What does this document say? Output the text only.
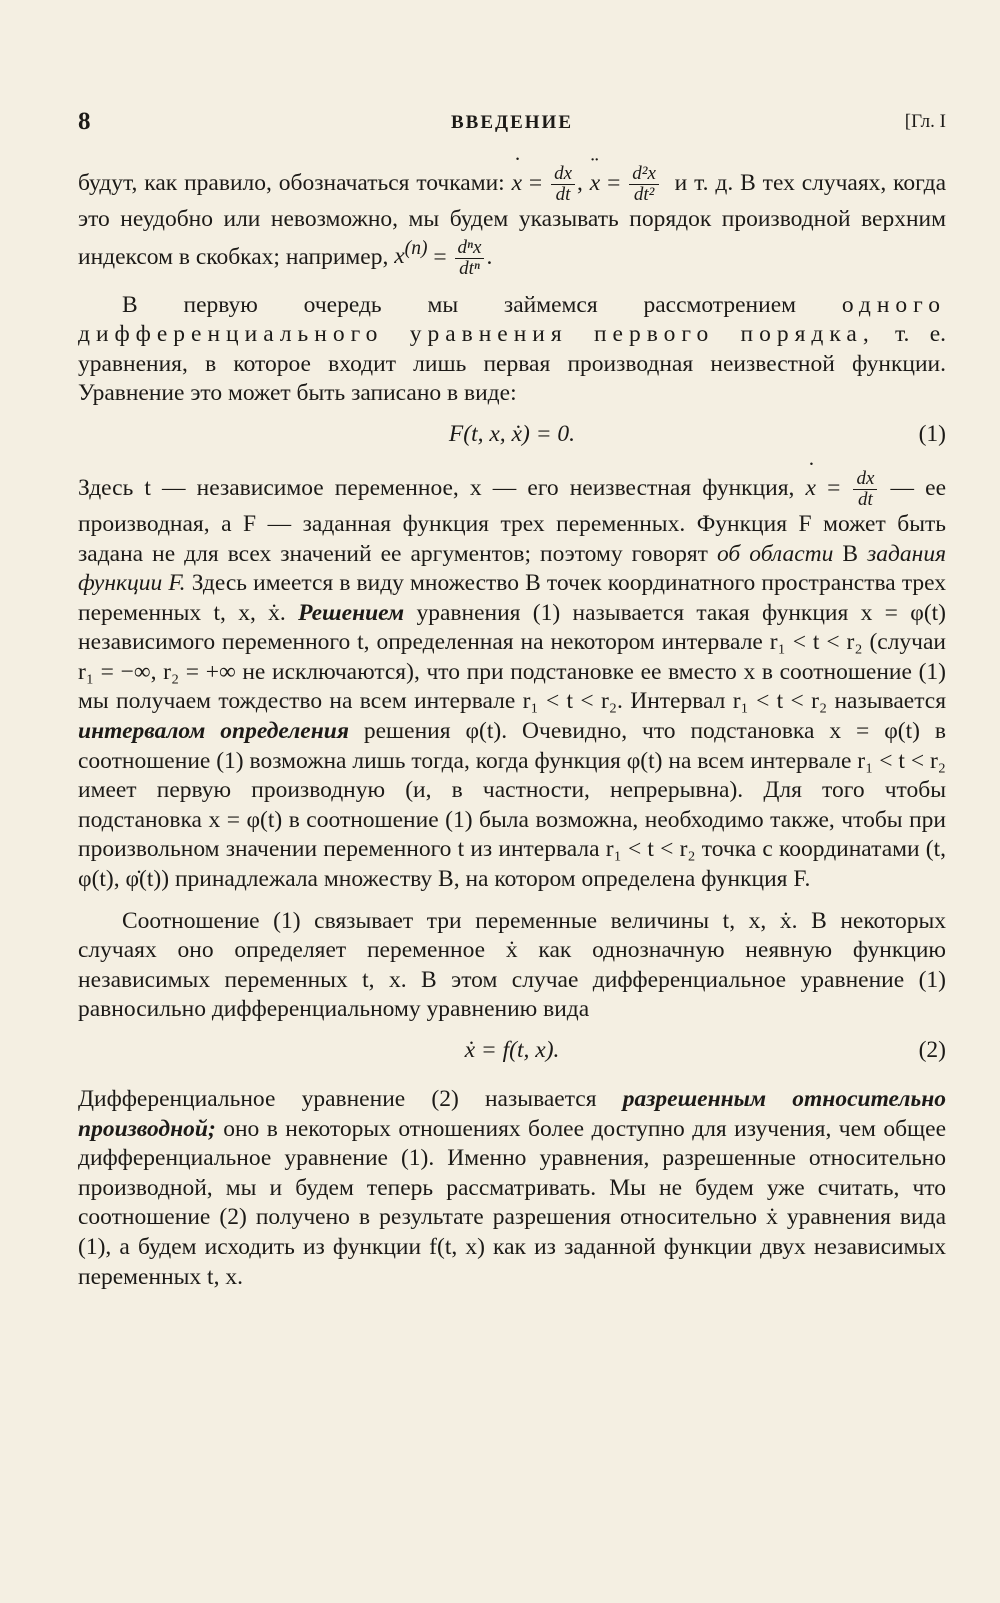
8	ВВЕДЕНИЕ	[Гл. I

будут, как правило, обозначаться точками: ˙ $x = \frac{dx}{dt}$ , ¨ $x = \frac{\text{d²x}}{\text{dt²}}$ и т. д. В тех случаях, когда это неудобно или невозможно, мы будем указывать порядок производной верхним индексом в скобках; например, $x^{(n)} = \frac{\text{dⁿx}}{\text{dtⁿ}}$ .

В первую очередь мы займемся рассмотрением одного дифференциального уравнения первого порядка, т. е. уравнения, в которое входит лишь первая производная неизвестной функции. Уравнение это может быть записано в виде:

F(t, x, ẋ) = 0.	(1)

Здесь t — независимое переменное, x — его неизвестная функция, ˙ $x = \frac{dx}{dt}$ — ее производная, а F — заданная функция трех переменных. Функция F может быть задана не для всех значений ее аргументов; поэтому говорят об области B задания функции F. Здесь имеется в виду множество B точек координатного пространства трех переменных t, x, ẋ. Решением уравнения (1) называется такая функция x = φ(t) независимого переменного t, определенная на некотором интервале r₁ < t < r₂ (случаи r₁ = −∞, r₂ = +∞ не исключаются), что при подстановке ее вместо x в соотношение (1) мы получаем тождество на всем интервале r₁ < t < r₂. Интервал r₁ < t < r₂ называется интервалом определения решения φ(t). Очевидно, что подстановка x = φ(t) в соотношение (1) возможна лишь тогда, когда функция φ(t) на всем интервале r₁ < t < r₂ имеет первую производную (и, в частности, непрерывна). Для того чтобы подстановка x = φ(t) в соотношение (1) была возможна, необходимо также, чтобы при произвольном значении переменного t из интервала r₁ < t < r₂ точка с координатами (t, φ(t), φ̇(t)) принадлежала множеству B, на котором определена функция F.

Соотношение (1) связывает три переменные величины t, x, ẋ. В некоторых случаях оно определяет переменное ẋ как однозначную неявную функцию независимых переменных t, x. В этом случае дифференциальное уравнение (1) равносильно дифференциальному уравнению вида

ẋ = f(t, x).	(2)

Дифференциальное уравнение (2) называется разрешенным относительно производной; оно в некоторых отношениях более доступно для изучения, чем общее дифференциальное уравнение (1). Именно уравнения, разрешенные относительно производной, мы и будем теперь рассматривать. Мы не будем уже считать, что соотношение (2) получено в результате разрешения относительно ẋ уравнения вида (1), а будем исходить из функции f(t, x) как из заданной функции двух независимых переменных t, x.
